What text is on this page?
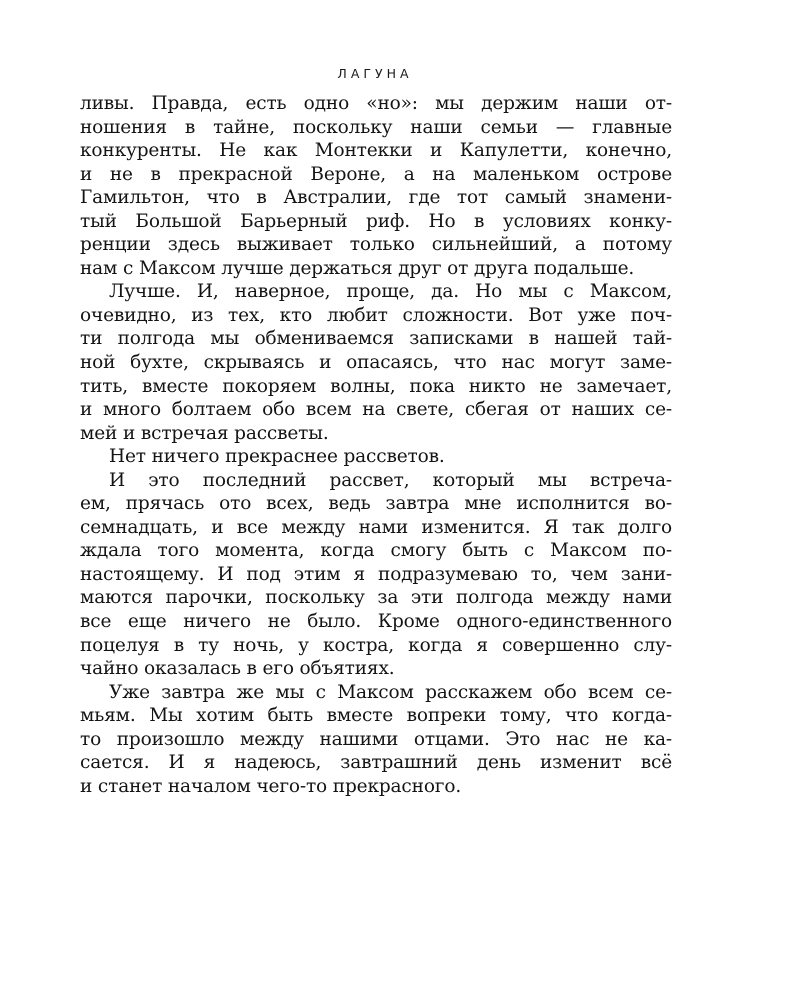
ЛАГУНА
ливы. Правда, есть одно «но»: мы держим наши от-
ношения в тайне, поскольку наши семьи — главные
конкуренты. Не как Монтекки и Капулетти, конечно,
и не в прекрасной Вероне, а на маленьком острове
Гамильтон, что в Австралии, где тот самый знамени-
тый Большой Барьерный риф. Но в условиях конку-
ренции здесь выживает только сильнейший, а потому
нам с Максом лучше держаться друг от друга подальше.
Лучше. И, наверное, проще, да. Но мы с Максом,
очевидно, из тех, кто любит сложности. Вот уже поч-
ти полгода мы обмениваемся записками в нашей тай-
ной бухте, скрываясь и опасаясь, что нас могут заме-
тить, вместе покоряем волны, пока никто не замечает,
и много болтаем обо всем на свете, сбегая от наших се-
мей и встречая рассветы.
Нет ничего прекраснее рассветов.
И это последний рассвет, который мы встреча-
ем, прячась ото всех, ведь завтра мне исполнится во-
семнадцать, и все между нами изменится. Я так долго
ждала того момента, когда смогу быть с Максом по-
настоящему. И под этим я подразумеваю то, чем зани-
маются парочки, поскольку за эти полгода между нами
все еще ничего не было. Кроме одного-единственного
поцелуя в ту ночь, у костра, когда я совершенно слу-
чайно оказалась в его объятиях.
Уже завтра же мы с Максом расскажем обо всем се-
мьям. Мы хотим быть вместе вопреки тому, что когда-
то произошло между нашими отцами. Это нас не ка-
сается. И я надеюсь, завтрашний день изменит всё
и станет началом чего-то прекрасного.
